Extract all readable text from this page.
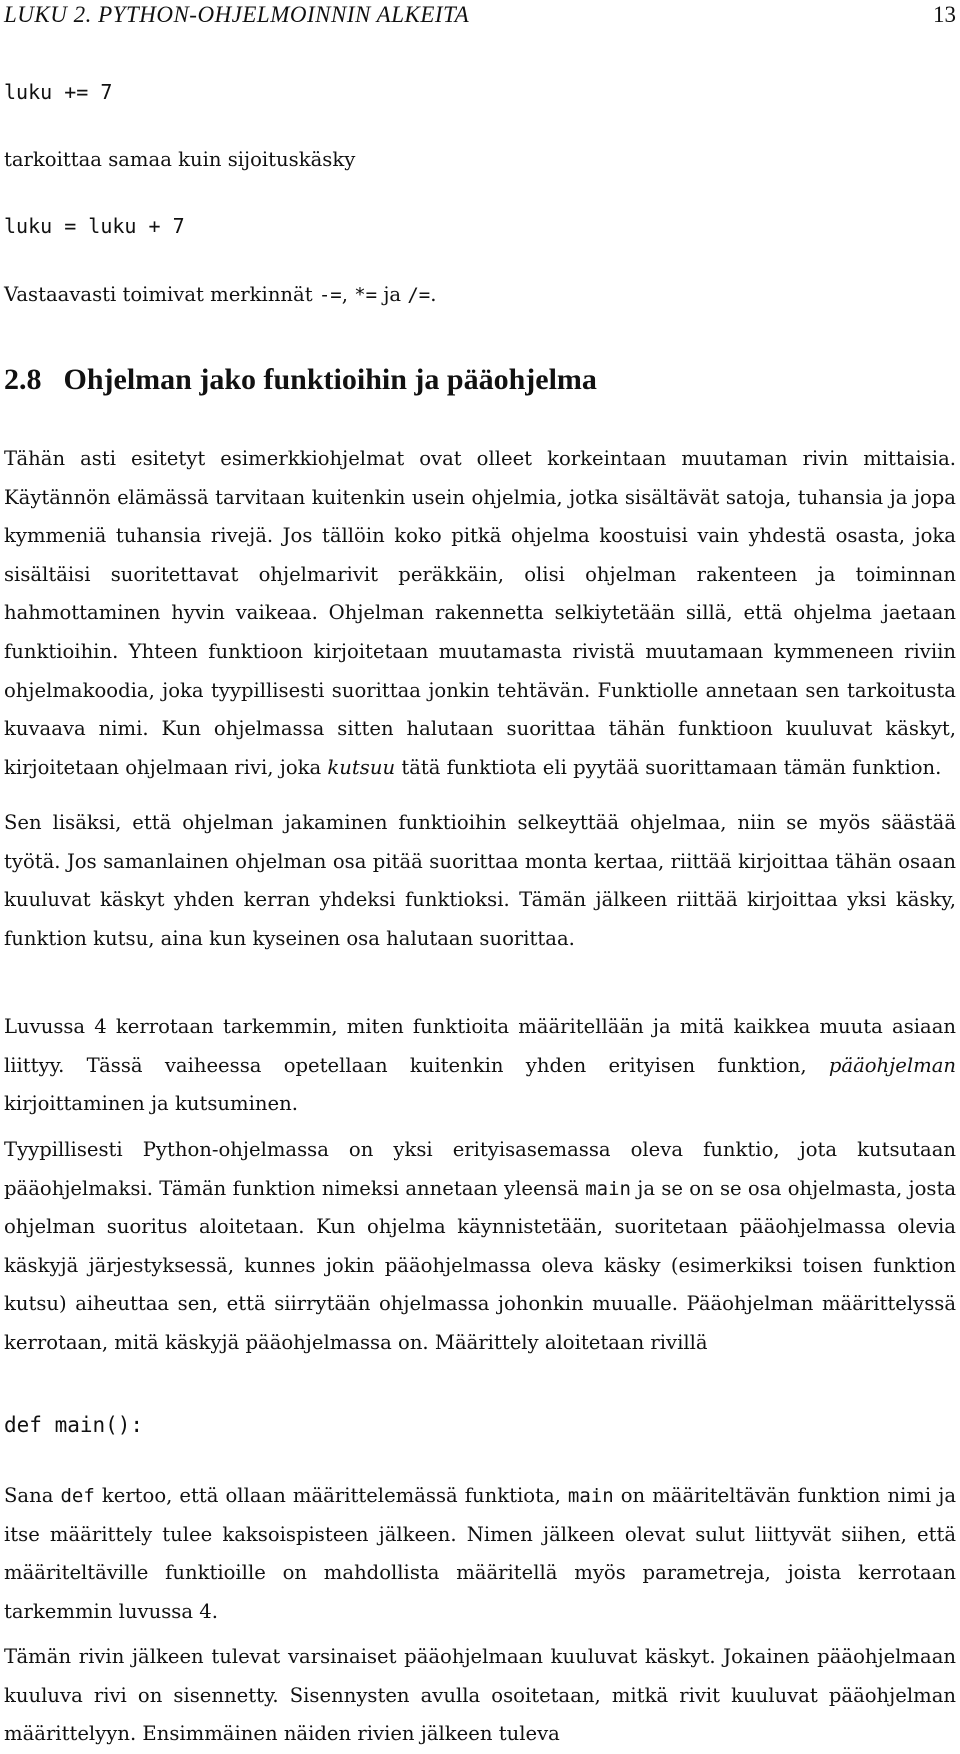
LUKU 2. PYTHON-OHJELMOINNIN ALKEITA	13
luku += 7

tarkoittaa samaa kuin sijoituskäsky

luku = luku + 7

Vastaavasti toimivat merkinnät -=, *= ja /=.

2.8 Ohjelman jako funktioihin ja pääohjelma

Tähän asti esitetyt esimerkkiohjelmat ovat olleet korkeintaan muutaman rivin mittaisia. Käytännön elämässä tarvitaan kuitenkin usein ohjelmia, jotka sisältävät satoja, tuhansia ja jopa kymmeniä tuhansia rivejä. Jos tällöin koko pitkä ohjelma koostuisi vain yhdestä osasta, joka sisältäisi suoritettavat ohjelmarivit peräkkäin, olisi ohjelman rakenteen ja toiminnan hahmottaminen hyvin vaikeaa. Ohjelman rakennetta selkiytetään sillä, että ohjelma jaetaan funktioihin. Yhteen funktioon kirjoitetaan muutamasta rivistä muutamaan kymmeneen riviin ohjelmakoodia, joka tyypillisesti suorittaa jonkin tehtävän. Funktiolle annetaan sen tarkoitusta kuvaava nimi. Kun ohjelmassa sitten halutaan suorittaa tähän funktioon kuuluvat käskyt, kirjoitetaan ohjelmaan rivi, joka kutsuu tätä funktiota eli pyytää suorittamaan tämän funktion.

Sen lisäksi, että ohjelman jakaminen funktioihin selkeyttää ohjelmaa, niin se myös säästää työtä. Jos samanlainen ohjelman osa pitää suorittaa monta kertaa, riittää kirjoittaa tähän osaan kuuluvat käskyt yhden kerran yhdeksi funktioksi. Tämän jälkeen riittää kirjoittaa yksi käsky, funktion kutsu, aina kun kyseinen osa halutaan suorittaa.

Luvussa 4 kerrotaan tarkemmin, miten funktioita määritellään ja mitä kaikkea muuta asiaan liittyy. Tässä vaiheessa opetellaan kuitenkin yhden erityisen funktion, pääohjelman kirjoittaminen ja kutsuminen.

Tyypillisesti Python-ohjelmassa on yksi erityisasemassa oleva funktio, jota kutsutaan pääohjelmaksi. Tämän funktion nimeksi annetaan yleensä main ja se on se osa ohjelmasta, josta ohjelman suoritus aloitetaan. Kun ohjelma käynnistetään, suoritetaan pääohjelmassa olevia käskyjä järjestyksessä, kunnes jokin pääohjelmassa oleva käsky (esimerkiksi toisen funktion kutsu) aiheuttaa sen, että siirrytään ohjelmassa johonkin muualle. Pääohjelman määrittelyssä kerrotaan, mitä käskyjä pääohjelmassa on. Määrittely aloitetaan rivillä

def main():

Sana def kertoo, että ollaan määrittelemässä funktiota, main on määriteltävän funktion nimi ja itse määrittely tulee kaksoispisteen jälkeen. Nimen jälkeen olevat sulut liittyvät siihen, että määriteltäville funktioille on mahdollista määritellä myös parametreja, joista kerrotaan tarkemmin luvussa 4.

Tämän rivin jälkeen tulevat varsinaiset pääohjelmaan kuuluvat käskyt. Jokainen pääohjelmaan kuuluva rivi on sisennetty. Sisennysten avulla osoitetaan, mitkä rivit kuuluvat pääohjelman määrittelyyn. Ensimmäinen näiden rivien jälkeen tuleva
